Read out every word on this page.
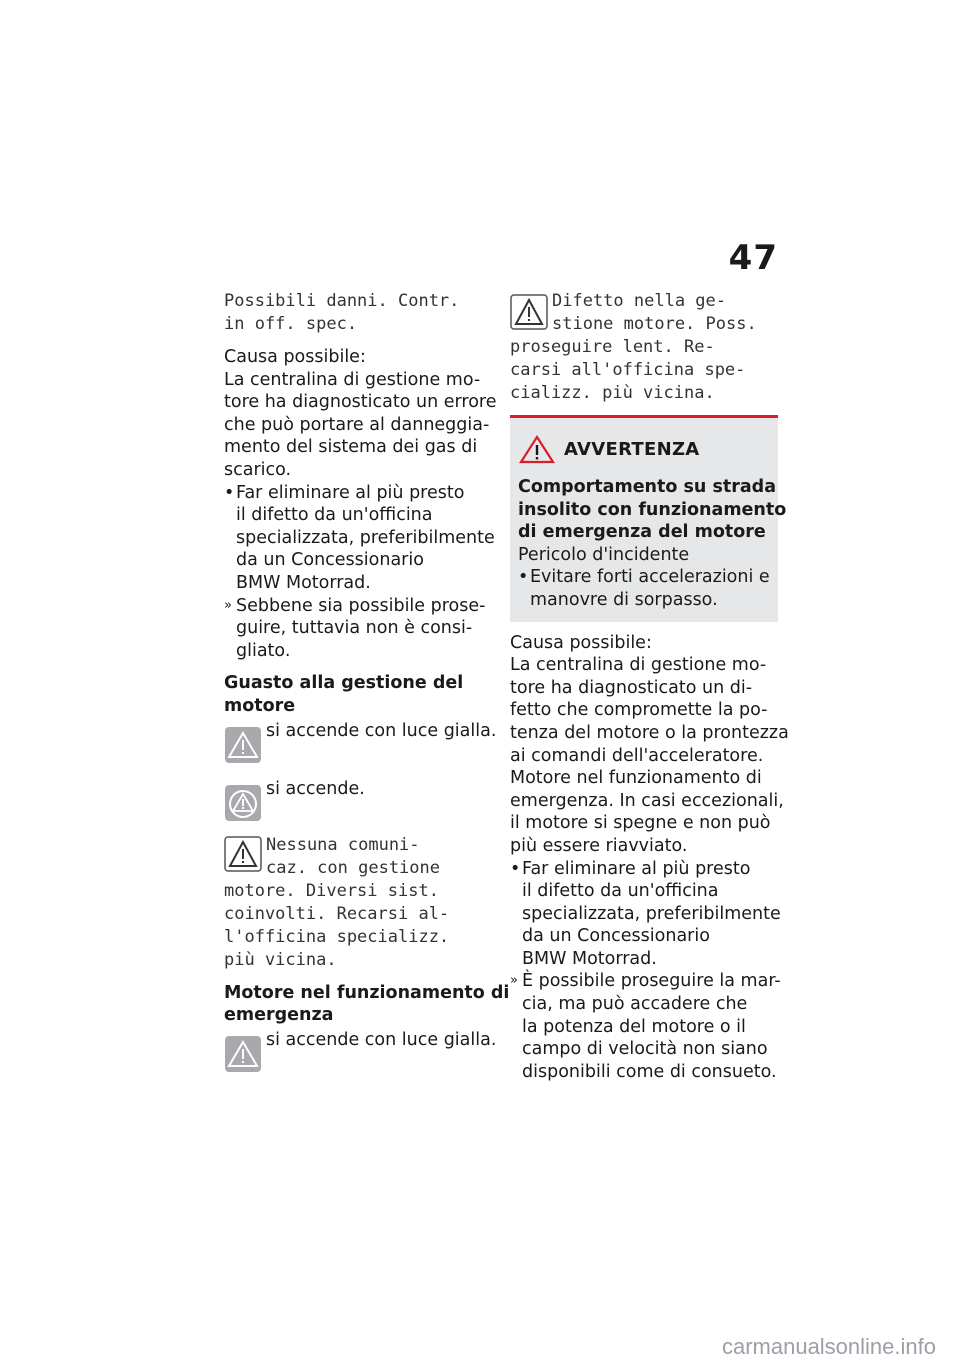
47

Possibili danni. Contr.
in off. spec.

Causa possibile:
La centralina di gestione mo-
tore ha diagnosticato un errore
che può portare al danneggia-
mento del sistema dei gas di
scarico.

• Far eliminare al più presto
il difetto da un'officina
specializzata, preferibilmente
da un Concessionario
BMW Motorrad.
» Sebbene sia possibile prose-
guire, tuttavia non è consi-
gliato.

Guasto alla gestione del
motore

si accende con luce gialla.
si accende.

Nessuna comuni-
caz. con gestione
motore. Diversi sist.
coinvolti. Recarsi al-
l'officina specializz.
più vicina.

Motore nel funzionamento di
emergenza

si accende con luce gialla.

Difetto nella ge-
stione motore. Poss.
proseguire lent. Re-
carsi all'officina spe-
cializz. più vicina.

AVVERTENZA
Comportamento su strada
insolito con funzionamento
di emergenza del motore

Pericolo d'incidente

• Evitare forti accelerazioni e
manovre di sorpasso.

Causa possibile:
La centralina di gestione mo-
tore ha diagnosticato un di-
fetto che compromette la po-
tenza del motore o la prontezza
ai comandi dell'acceleratore.
Motore nel funzionamento di
emergenza. In casi eccezionali,
il motore si spegne e non può
più essere riavviato.

• Far eliminare al più presto
il difetto da un'officina
specializzata, preferibilmente
da un Concessionario
BMW Motorrad.
» È possibile proseguire la mar-
cia, ma può accadere che
la potenza del motore o il
campo di velocità non siano
disponibili come di consueto.
carmanualsonline.info
